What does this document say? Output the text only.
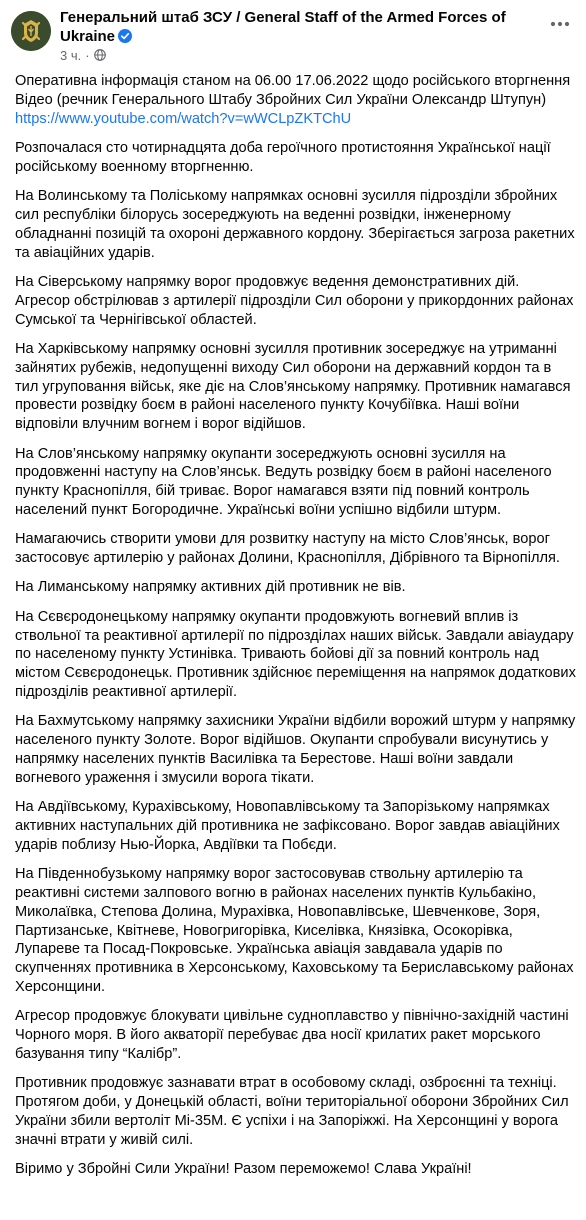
Генеральний штаб ЗСУ / General Staff of the Armed Forces of Ukraine
3 ч. ·

Оперативна інформація станом на 06.00 17.06.2022 щодо російського вторгнення
Відео (речник Генерального Штабу Збройних Сил України Олександр Штупун)
https://www.youtube.com/watch?v=wWCLpZKTChU

Розпочалася сто чотирнадцята доба героїчного протистояння Української нації російському военному вторгненню.

На Волинському та Поліському напрямках основні зусилля підрозділи збройних сил республіки білорусь зосереджують на веденні розвідки, інженерному обладнанні позицій та охороні державного кордону. Зберігається загроза ракетних та авіаційних ударів.

На Сіверському напрямку ворог продовжує ведення демонстративних дій. Агресор обстрілював з артилерії підрозділи Сил оборони у прикордонних районах Сумської та Чернігівської областей.

На Харківському напрямку основні зусилля противник зосереджує на утриманні зайнятих рубежів, недопущенні виходу Сил оборони на державний кордон та в тил угруповання військ, яке діє на Слов’янському напрямку. Противник намагався провести розвідку боєм в районі населеного пункту Кочубіївка. Наші воїни відповіли влучним вогнем і ворог відійшов.

На Слов’янському напрямку окупанти зосереджують основні зусилля на продовженні наступу на Слов’янськ. Ведуть розвідку боєм в районі населеного пункту Краснопілля, бій триває. Ворог намагався взяти під повний контроль населений пункт Богородичне. Українські воїни успішно відбили штурм.

Намагаючись створити умови для розвитку наступу на місто Слов’янськ, ворог застосовує артилерію у районах Долини, Краснопілля, Дібрівного та Вірнопілля.

На Лиманському напрямку активних дій противник не вів.

На Сєвєродонецькому напрямку окупанти продовжують вогневий вплив із ствольної та реактивної артилерії по підрозділах наших військ. Завдали авіаудару по населеному пункту Устинівка. Тривають бойові дії за повний контроль над містом Сєвєродонецьк. Противник здійснює переміщення на напрямок додаткових підрозділів реактивної артилерії.

На Бахмутському напрямку захисники України відбили ворожий штурм у напрямку населеного пункту Золоте. Ворог відійшов. Окупанти спробували висунутись у напрямку населених пунктів Василівка та Берестове. Наші воїни завдали вогневого ураження і змусили ворога тікати.

На Авдіївському, Курахівському, Новопавлівському та Запорізькому напрямках активних наступальних дій противника не зафіксовано. Ворог завдав авіаційних ударів поблизу Нью-Йорка, Авдіївки та Побєди.

На Південнобузькому напрямку ворог застосовував ствольну артилерію та реактивні системи залпового вогню в районах населених пунктів Кульбакіно, Миколаївка, Степова Долина, Мурахівка, Новопавлівське, Шевченкове, Зоря, Партизанське, Квітневе, Новогригорівка, Киселівка, Князівка, Осокорівка, Лупареве та Посад-Покровське. Українська авіація завдавала ударів по скупченнях противника в Херсонському, Каховському та Бериславському районах Херсонщини.

Агресор продовжує блокувати цивільне судноплавство у північно-західній частині Чорного моря. В його акваторії перебуває два носії крилатих ракет морського базування типу “Калібр”.

Противник продовжує зазнавати втрат в особовому складі, озброєнні та техніці. Протягом доби, у Донецькій області, воїни територіальної оборони Збройних Сил України збили вертоліт Мі-35М. Є успіхи і на Запоріжжі. На Херсонщині у ворога значні втрати у живій силі.

Віримо у Збройні Сили України! Разом переможемо! Слава Україні!
